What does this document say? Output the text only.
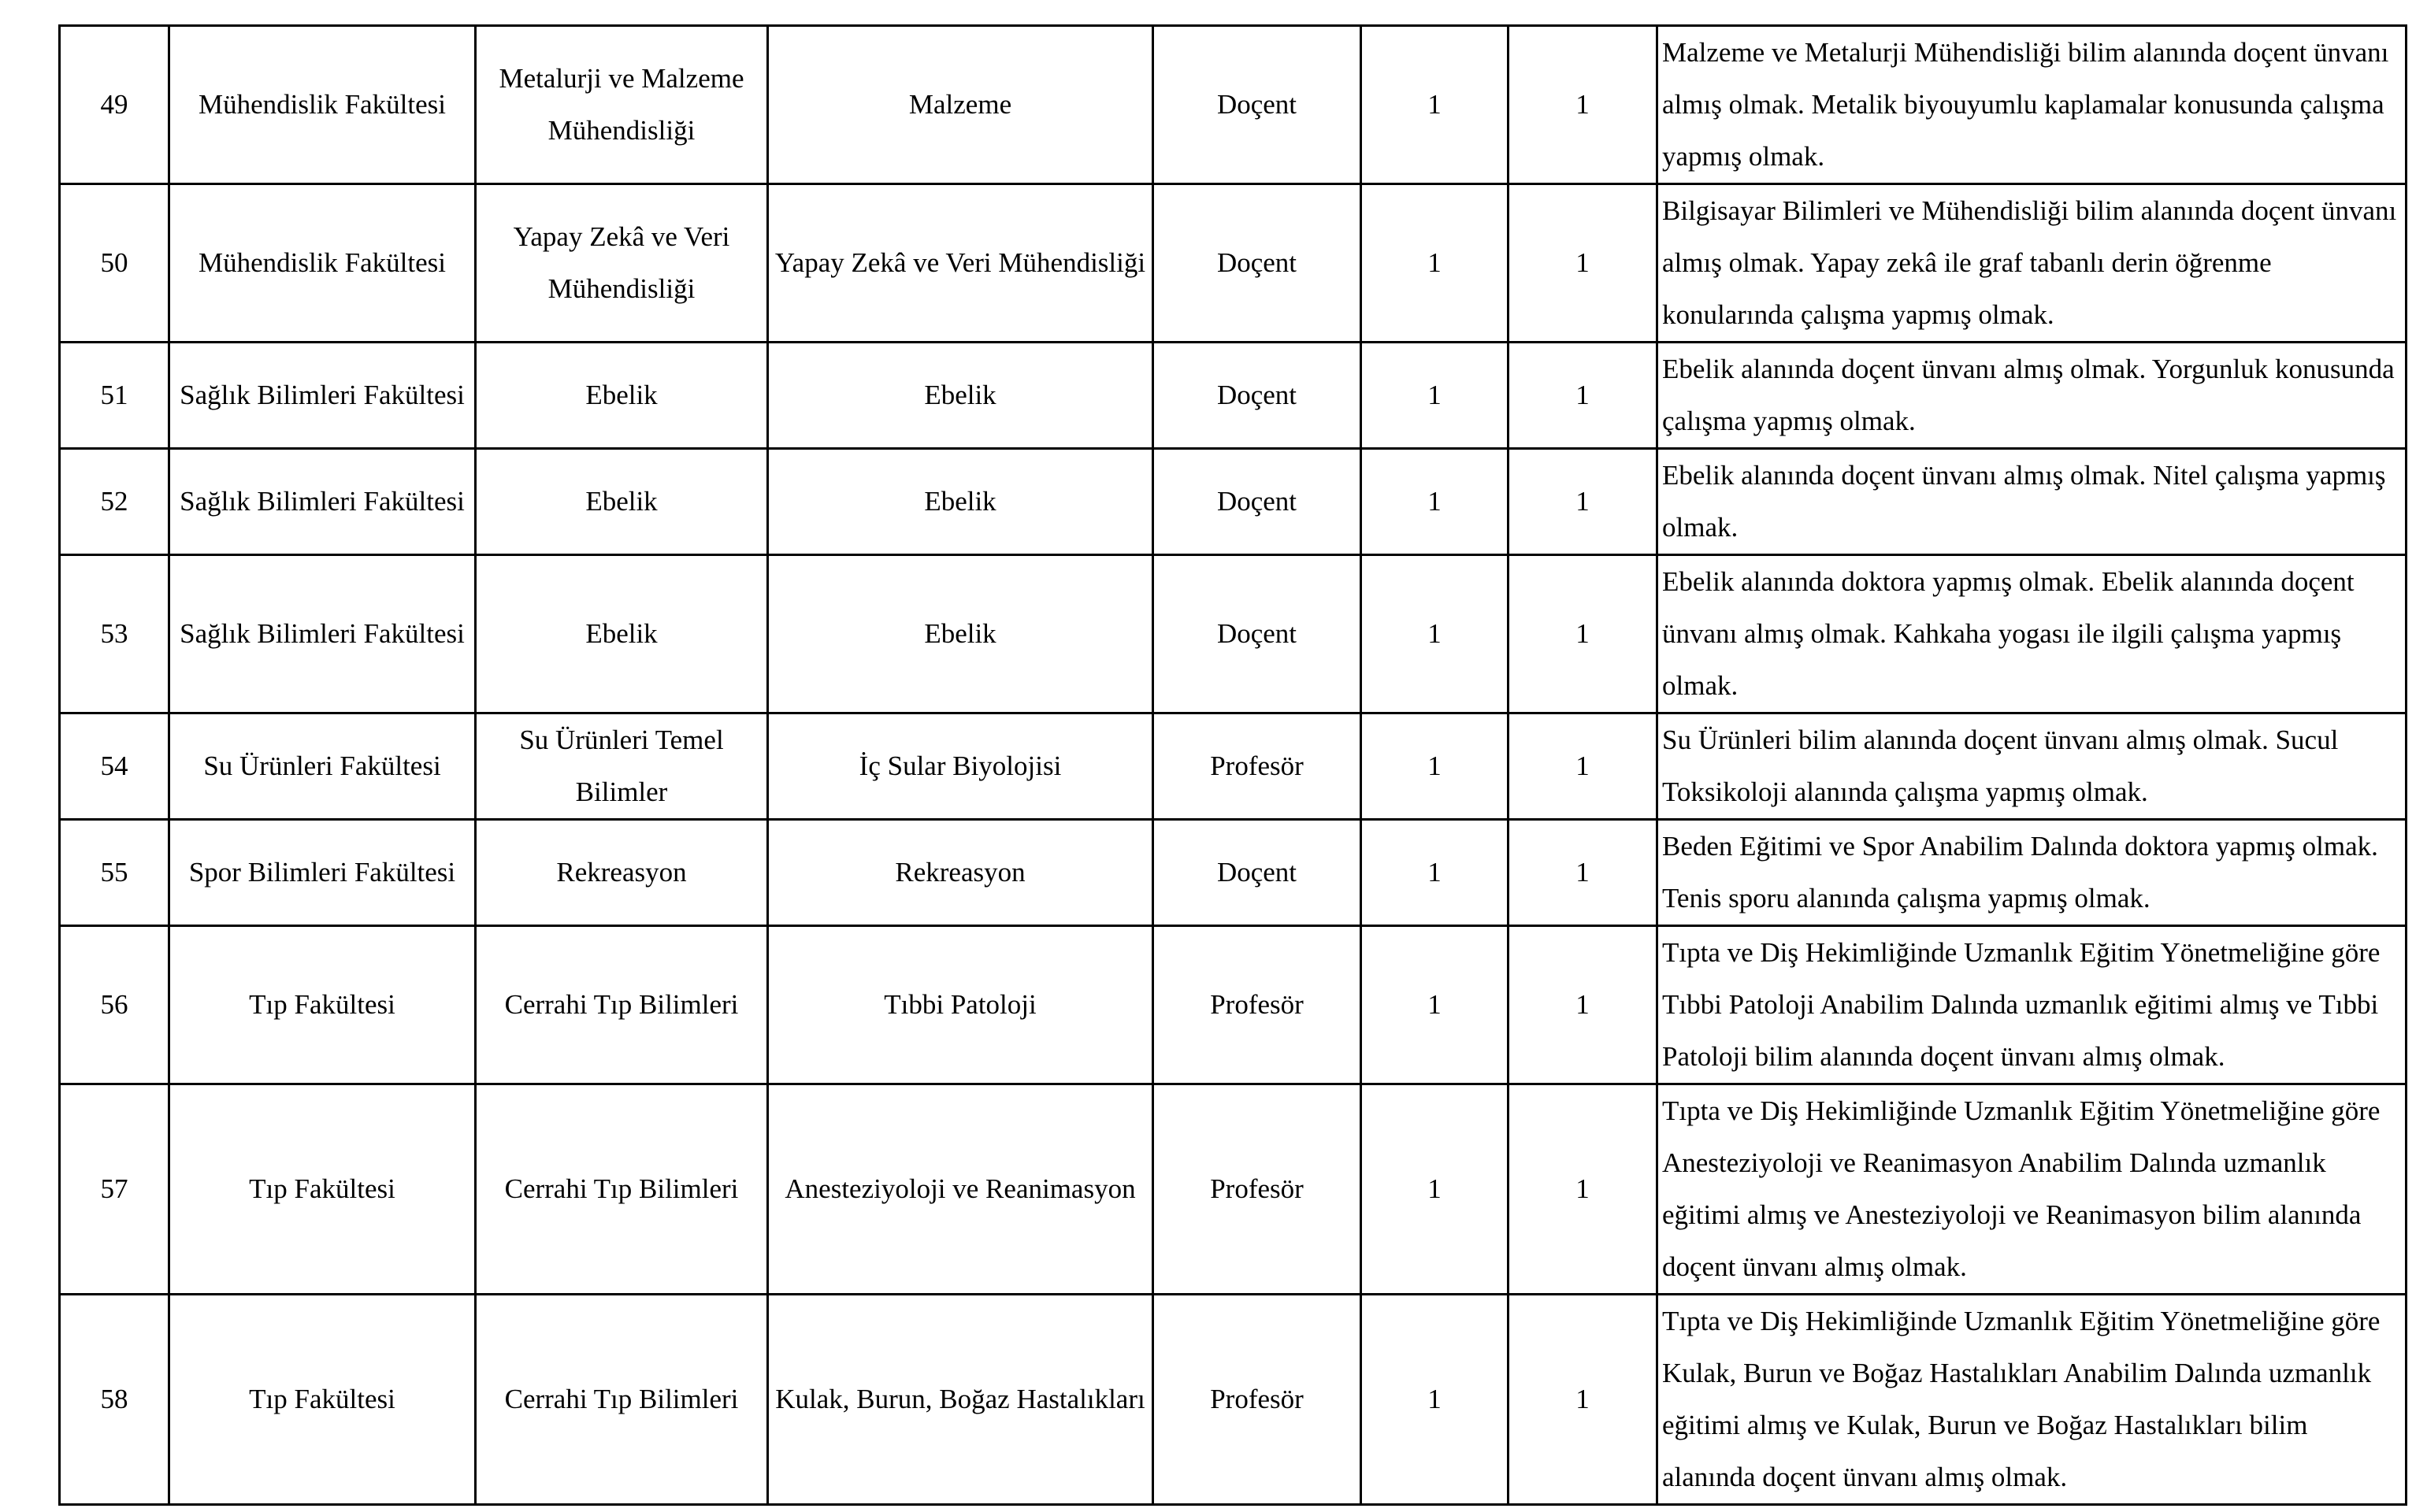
49	Mühendislik Fakültesi	Metalurji ve Malzeme Mühendisliği	Malzeme	Doçent	1	1	Malzeme ve Metalurji Mühendisliği bilim alanında doçent ünvanı almış olmak. Metalik biyouyumlu kaplamalar konusunda çalışma yapmış olmak.
50	Mühendislik Fakültesi	Yapay Zekâ ve Veri Mühendisliği	Yapay Zekâ ve Veri Mühendisliği	Doçent	1	1	Bilgisayar Bilimleri ve Mühendisliği bilim alanında doçent ünvanı almış olmak. Yapay zekâ ile graf tabanlı derin öğrenme konularında çalışma yapmış olmak.
51	Sağlık Bilimleri Fakültesi	Ebelik	Ebelik	Doçent	1	1	Ebelik alanında doçent ünvanı almış olmak. Yorgunluk konusunda çalışma yapmış olmak.
52	Sağlık Bilimleri Fakültesi	Ebelik	Ebelik	Doçent	1	1	Ebelik alanında doçent ünvanı almış olmak. Nitel çalışma yapmış olmak.
53	Sağlık Bilimleri Fakültesi	Ebelik	Ebelik	Doçent	1	1	Ebelik alanında doktora yapmış olmak. Ebelik alanında doçent ünvanı almış olmak. Kahkaha yogası ile ilgili çalışma yapmış olmak.
54	Su Ürünleri Fakültesi	Su Ürünleri Temel Bilimler	İç Sular Biyolojisi	Profesör	1	1	Su Ürünleri bilim alanında doçent ünvanı almış olmak. Sucul Toksikoloji alanında çalışma yapmış olmak.
55	Spor Bilimleri Fakültesi	Rekreasyon	Rekreasyon	Doçent	1	1	Beden Eğitimi ve Spor Anabilim Dalında doktora yapmış olmak. Tenis sporu alanında çalışma yapmış olmak.
56	Tıp Fakültesi	Cerrahi Tıp Bilimleri	Tıbbi Patoloji	Profesör	1	1	Tıpta ve Diş Hekimliğinde Uzmanlık Eğitim Yönetmeliğine göre Tıbbi Patoloji Anabilim Dalında uzmanlık eğitimi almış ve Tıbbi Patoloji bilim alanında doçent ünvanı almış olmak.
57	Tıp Fakültesi	Cerrahi Tıp Bilimleri	Anesteziyoloji ve Reanimasyon	Profesör	1	1	Tıpta ve Diş Hekimliğinde Uzmanlık Eğitim Yönetmeliğine göre Anesteziyoloji ve Reanimasyon Anabilim Dalında uzmanlık eğitimi almış ve Anesteziyoloji ve Reanimasyon bilim alanında doçent ünvanı almış olmak.
58	Tıp Fakültesi	Cerrahi Tıp Bilimleri	Kulak, Burun, Boğaz Hastalıkları	Profesör	1	1	Tıpta ve Diş Hekimliğinde Uzmanlık Eğitim Yönetmeliğine göre Kulak, Burun ve Boğaz Hastalıkları Anabilim Dalında uzmanlık eğitimi almış ve Kulak, Burun ve Boğaz Hastalıkları bilim alanında doçent ünvanı almış olmak.
